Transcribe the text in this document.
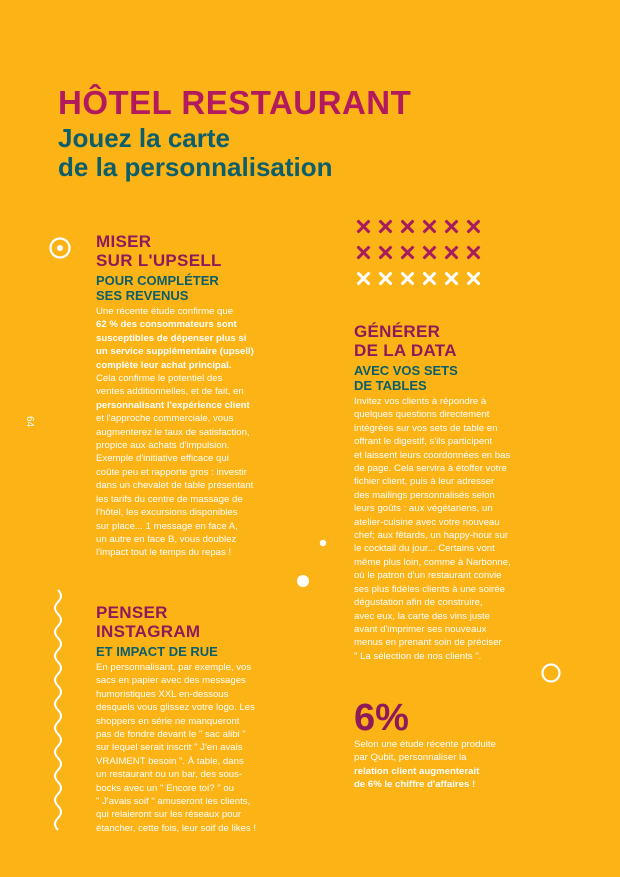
HÔTEL RESTAURANT
Jouez la carte
de la personnalisation
64
MISER
SUR L'UPSELL
POUR COMPLÉTER
SES REVENUS
Une récente étude confirme que
62 % des consommateurs sont
susceptibles de dépenser plus si
un service supplémentaire (upsell)
complète leur achat principal.
Cela confirme le potentiel des
ventes additionnelles, et de fait, en
personnalisant l'expérience client
et l'approche commerciale, vous
augmenterez le taux de satisfaction,
propice aux achats d'impulsion.
Exemple d'initiative efficace qui
coûte peu et rapporte gros : investir
dans un chevalet de table présentant
les tarifs du centre de massage de
l'hôtel, les excursions disponibles
sur place... 1 message en face A,
un autre en face B, vous doublez
l'impact tout le temps du repas !
PENSER
INSTAGRAM
ET IMPACT DE RUE
En personnalisant, par exemple, vos
sacs en papier avec des messages
humoristiques XXL en-dessous
desquels vous glissez votre logo. Les
shoppers en série ne manqueront
pas de fondre devant le " sac alibi "
sur lequel serait inscrit " J'en avais
VRAIMENT besoin ". À table, dans
un restaurant ou un bar, des sous-
bocks avec un " Encore toi? " ou
" J'avais soif " amuseront les clients,
qui relaieront sur les réseaux pour
étancher, cette fois, leur soif de likes !
GÉNÉRER
DE LA DATA
AVEC VOS SETS
DE TABLES
Invitez vos clients à répondre à
quelques questions directement
intégrées sur vos sets de table en
offrant le digestif, s'ils participent
et laissent leurs coordonnées en bas
de page. Cela servira à étoffer votre
fichier client, puis à leur adresser
des mailings personnalisés selon
leurs goûts : aux végétariens, un
atelier-cuisine avec votre nouveau
chef; aux fêtards, un happy-hour sur
le cocktail du jour... Certains vont
même plus loin, comme à Narbonne,
où le patron d'un restaurant convie
ses plus fidèles clients à une soirée
dégustation afin de construire,
avec eux, la carte des vins juste
avant d'imprimer ses nouveaux
menus en prenant soin de préciser
" La sélection de nos clients ".
6%
Selon une étude récente produite
par Qubit, personnaliser la
relation client augmenterait
de 6% le chiffre d'affaires !
